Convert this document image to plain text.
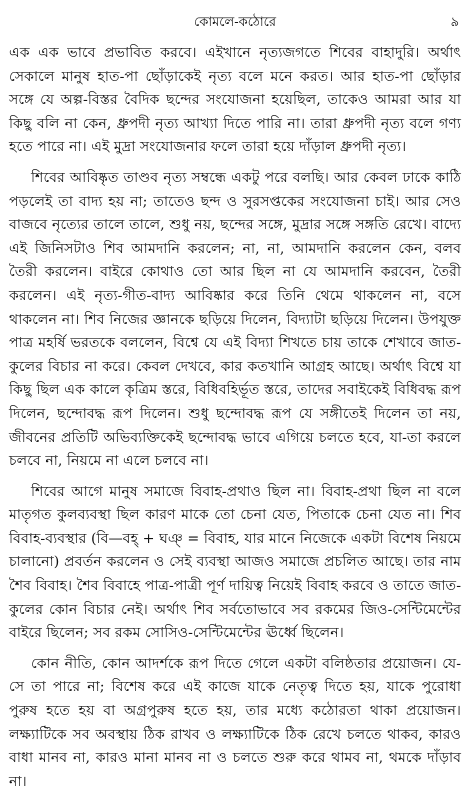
কোমলে-কঠোরে	৯

এক এক ভাবে প্রভাবিত করবে। এইখানে নৃত্যজগতে শিবের বাহাদুরি। অর্থাৎ সেকালে মানুষ হাত-পা ছোঁড়াকেই নৃত্য বলে মনে করত। আর হাত-পা ছোঁড়ার সঙ্গে যে অল্প-বিস্তর বৈদিক ছন্দের সংযোজনা হয়েছিল, তাকেও আমরা আর যা কিছু বলি না কেন, ধ্রুপদী নৃত্য আখ্যা দিতে পারি না। তারা ধ্রুপদী নৃত্য বলে গণ্য হতে পারে না। এই মুদ্রা সংযোজনার ফলে তারা হয়ে দাঁড়াল ধ্রুপদী নৃত্য।

শিবের আবিষ্কৃত তাণ্ডব নৃত্য সম্বন্ধে একটু পরে বলছি। আর কেবল ঢাকে কাঠি পড়লেই তা বাদ্য হয় না; তাতেও ছন্দ ও সুরসপ্তকের সংযোজনা চাই। আর সেও বাজবে নৃত্যের তালে তালে, শুধু নয়, ছন্দের সঙ্গে, মুদ্রার সঙ্গে সঙ্গতি রেখে। বাদ্যে এই জিনিসটাও শিব আমদানি করলেন; না, না, আমদানি করলেন কেন, বলব তৈরী করলেন। বাইরে কোথাও তো আর ছিল না যে আমদানি করবেন, তৈরী করলেন। এই নৃত্য-গীত-বাদ্য আবিষ্কার করে তিনি থেমে থাকলেন না, বসে থাকলেন না। শিব নিজের জ্ঞানকে ছড়িয়ে দিলেন, বিদ্যাটা ছড়িয়ে দিলেন। উপযুক্ত পাত্র মহর্ষি ভরতকে বললেন, বিশ্বে যে এই বিদ্যা শিখতে চায় তাকে শেখাবে জাত-কুলের বিচার না করে। কেবল দেখবে, কার কতখানি আগ্রহ আছে। অর্থাৎ বিশ্বে যা কিছু ছিল এক কালে কৃত্রিম স্তরে, বিধিবহির্ভূত স্তরে, তাদের সবাইকেই বিধিবদ্ধ রূপ দিলেন, ছন্দোবদ্ধ রূপ দিলেন। শুধু ছন্দোবদ্ধ রূপ যে সঙ্গীতেই দিলেন তা নয়, জীবনের প্রতিটি অভিব্যক্তিকেই ছন্দোবদ্ধ ভাবে এগিয়ে চলতে হবে, যা-তা করলে চলবে না, নিয়মে না এলে চলবে না।

শিবের আগে মানুষ সমাজে বিবাহ-প্রথাও ছিল না। বিবাহ-প্রথা ছিল না বলে মাতৃগত কুলব্যবস্থা ছিল কারণ মাকে তো চেনা যেত, পিতাকে চেনা যেত না। শিব বিবাহ-ব্যবস্থার (বি—বহ্ + ঘঞ্ = বিবাহ, যার মানে নিজেকে একটা বিশেষ নিয়মে চালানো) প্রবর্তন করলেন ও সেই ব্যবস্থা আজও সমাজে প্রচলিত আছে। তার নাম শৈব বিবাহ। শৈব বিবাহে পাত্র-পাত্রী পূর্ণ দায়িত্ব নিয়েই বিবাহ করবে ও তাতে জাত-কুলের কোন বিচার নেই। অর্থাৎ শিব সর্বতোভাবে সব রকমের জিও-সেন্টিমেন্টের বাইরে ছিলেন; সব রকম সোসিও-সেন্টিমেন্টের ঊর্ধ্বে ছিলেন।

কোন নীতি, কোন আদর্শকে রূপ দিতে গেলে একটা বলিষ্ঠতার প্রয়োজন। যে-সে তা পারে না; বিশেষ করে এই কাজে যাকে নেতৃত্ব দিতে হয়, যাকে পুরোধা পুরুষ হতে হয় বা অগ্রপুরুষ হতে হয়, তার মধ্যে কঠোরতা থাকা প্রয়োজন। লক্ষ্যাটিকে সব অবস্থায় ঠিক রাখব ও লক্ষ্যাটিকে ঠিক রেখে চলতে থাকব, কারও বাধা মানব না, কারও মানা মানব না ও চলতে শুরু করে থামব না, থমকে দাঁড়াব না।
